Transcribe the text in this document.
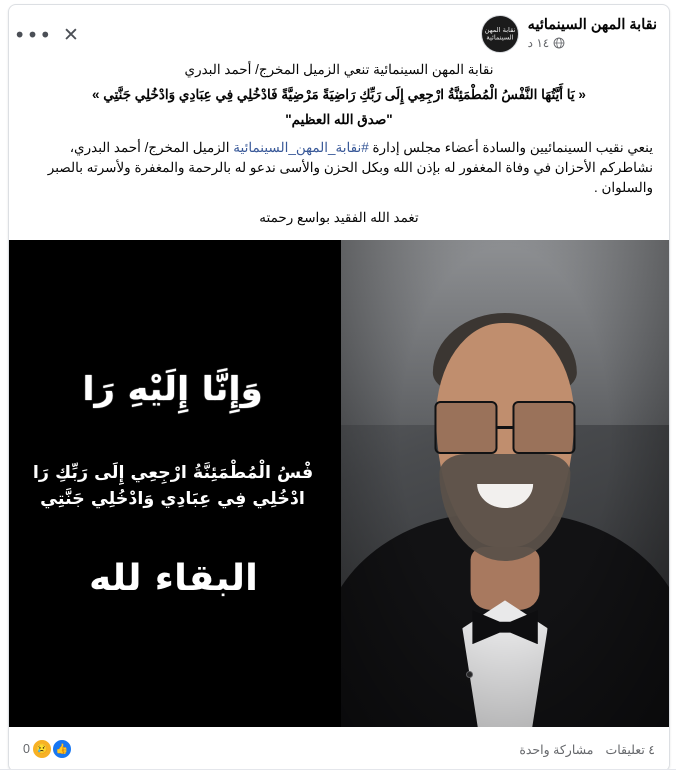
✕
•••	نقابة المهن السينمائيه
١٤ د
نقابة المهن السينمائية
نقابة المهن السينمائية تنعي الزميل المخرج/ أحمد البدري
« يَا أَيَّتُهَا النَّفْسُ الْمُطْمَئِنَّةُ ارْجِعِي إِلَى رَبِّكِ رَاضِيَةً مَرْضِيَّةً فَادْخُلِي فِي عِبَادِي وَادْخُلِي جَنَّتِي »
"صدق الله العظيم"
ينعي نقيب السينمائيين والسادة أعضاء مجلس إدارة #نقابة_المهن_السينمائية الزميل المخرج/ أحمد البدري، نشاطركم الأحزان في وفاة المغفور له بإذن الله وبكل الحزن والأسى ندعو له بالرحمة والمغفرة ولأسرته بالصبر والسلوان .
تغمد الله الفقيد بواسع رحمته
وَإِنَّا إِلَيْهِ رَا
فْسُ الْمُطْمَئِنَّةُ ارْجِعِي إِلَى رَبِّكِ رَا
ادْخُلِي فِي عِبَادِي وَادْخُلِي جَنَّتِي
البقاء لله
٤ تعليقات
مشاركة واحدة
0 😢 👍
